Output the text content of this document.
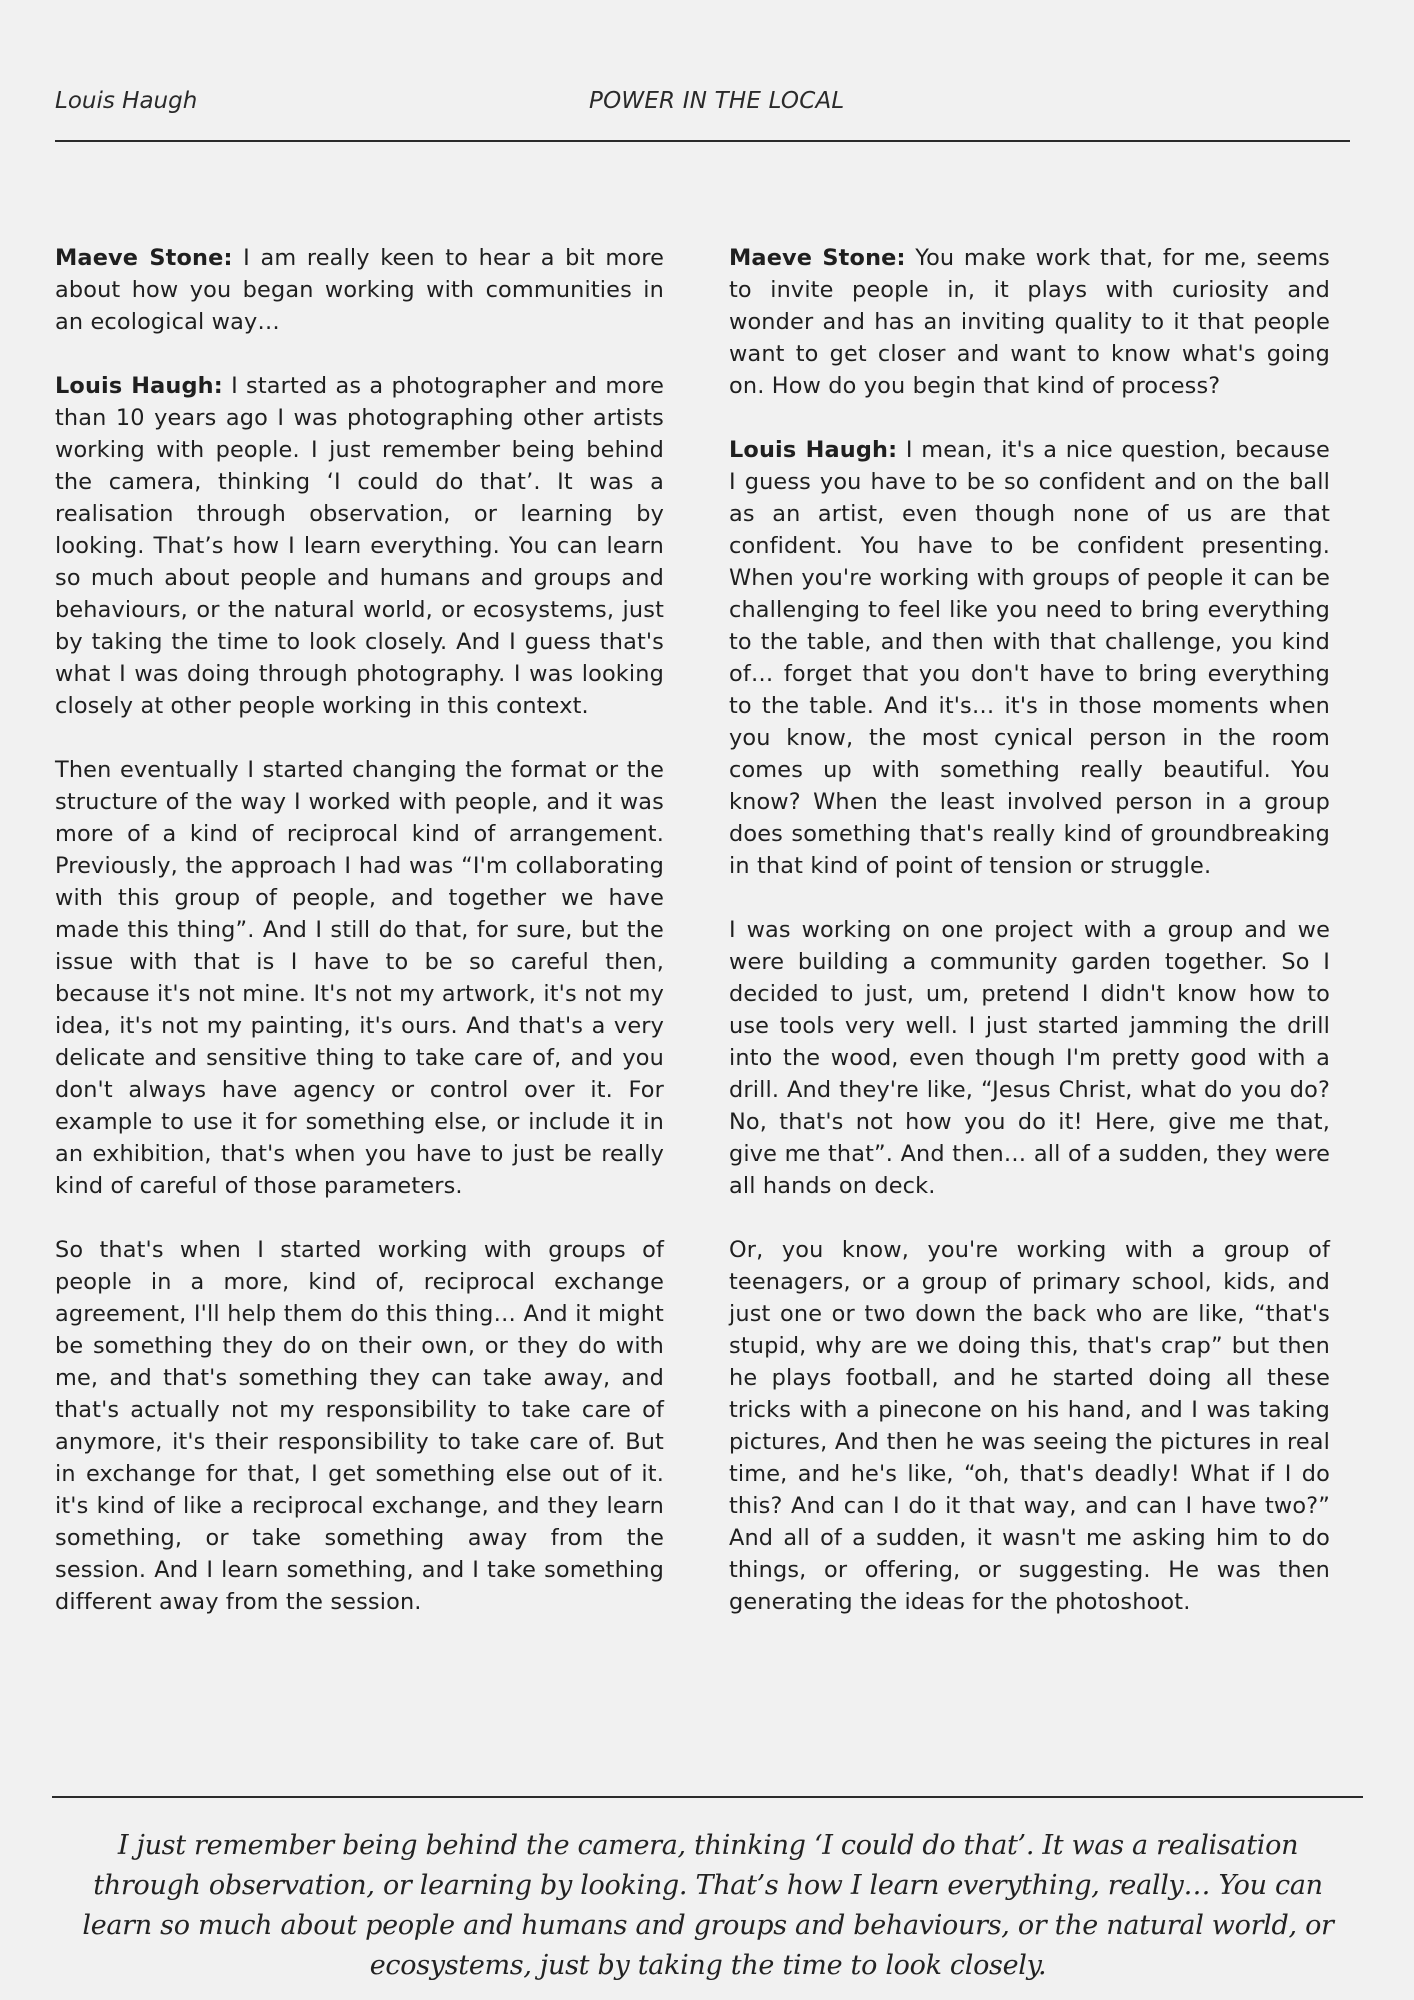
Louis Haugh	POWER IN THE LOCAL

Maeve Stone: I am really keen to hear a bit more about how you began working with communities in an ecological way…

Louis Haugh: I started as a photographer and more than 10 years ago I was photographing other artists working with people. I just remember being behind the camera, thinking ‘I could do that’. It was a realisation through observation, or learning by looking. That’s how I learn everything. You can learn so much about people and humans and groups and behaviours, or the natural world, or ecosystems, just by taking the time to look closely. And I guess that's what I was doing through photography. I was looking closely at other people working in this context.

Then eventually I started changing the format or the structure of the way I worked with people, and it was more of a kind of reciprocal kind of arrangement. Previously, the approach I had was “I'm collaborating with this group of people, and together we have made this thing”. And I still do that, for sure, but the issue with that is I have to be so careful then, because it's not mine. It's not my artwork, it's not my idea, it's not my painting, it's ours. And that's a very delicate and sensitive thing to take care of, and you don't always have agency or control over it. For example to use it for something else, or include it in an exhibition, that's when you have to just be really kind of careful of those parameters.

So that's when I started working with groups of people in a more, kind of, reciprocal exchange agreement, I'll help them do this thing… And it might be something they do on their own, or they do with me, and that's something they can take away, and that's actually not my responsibility to take care of anymore, it's their responsibility to take care of. But in exchange for that, I get something else out of it. it's kind of like a reciprocal exchange, and they learn something, or take something away from the session. And I learn something, and I take something different away from the session.

Maeve Stone: You make work that, for me, seems to invite people in, it plays with curiosity and wonder and has an inviting quality to it that people want to get closer and want to know what's going on. How do you begin that kind of process?

Louis Haugh: I mean, it's a nice question, because I guess you have to be so confident and on the ball as an artist, even though none of us are that confident. You have to be confident presenting. When you're working with groups of people it can be challenging to feel like you need to bring everything to the table, and then with that challenge, you kind of… forget that you don't have to bring everything to the table. And it's… it's in those moments when you know, the most cynical person in the room comes up with something really beautiful. You know? When the least involved person in a group does something that's really kind of groundbreaking in that kind of point of tension or struggle.

I was working on one project with a group and we were building a community garden together. So I decided to just, um, pretend I didn't know how to use tools very well. I just started jamming the drill into the wood, even though I'm pretty good with a drill. And they're like, “Jesus Christ, what do you do? No, that's not how you do it! Here, give me that, give me that”. And then… all of a sudden, they were all hands on deck.

Or, you know, you're working with a group of teenagers, or a group of primary school, kids, and just one or two down the back who are like, “that's stupid, why are we doing this, that's crap” but then he plays football, and he started doing all these tricks with a pinecone on his hand, and I was taking pictures, And then he was seeing the pictures in real time, and he's like, “oh, that's deadly! What if I do this? And can I do it that way, and can I have two?” And all of a sudden, it wasn't me asking him to do things, or offering, or suggesting. He was then generating the ideas for the photoshoot.

I just remember being behind the camera, thinking ‘I could do that’. It was a realisation through observation, or learning by looking. That’s how I learn everything, really… You can learn so much about people and humans and groups and behaviours, or the natural world, or ecosystems, just by taking the time to look closely.
